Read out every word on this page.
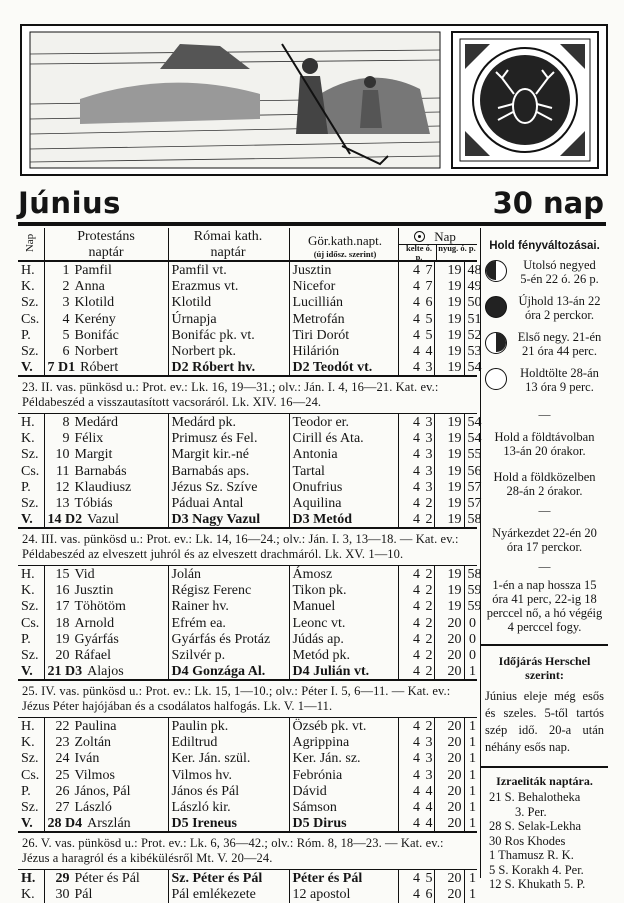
Június	30 nap
Nap	Protestáns naptár
Római kath. naptár
Gör.kath.napt.
(új idősz. szerint)
Nap
kelte ó. p.
nyug. ó. p.
H.	1 Pamfil	Pamfil vt.	Jusztin	4	7	19	48
K.	2 Anna	Erazmus vt.	Nicefor	4	7	19	49
Sz.	3 Klotild	Klotild	Lucillián	4	6	19	50
Cs.	4 Kerény	Úrnapja	Metrofán	4	5	19	51
P.	5 Bonifác	Bonifác pk. vt.	Tiri Dorót	4	5	19	52
Sz.	6 Norbert	Norbert pk.	Hilárión	4	4	19	53
V.	7 D1 Róbert	D2 Róbert hv.	D2 Teodót vt.	4	3	19	54
23. II. vas. pünkösd u.: Prot. ev.: Lk. 16, 19—31.; olv.: Ján. I. 4, 16—21. Kat. ev.: Példabeszéd a visszautasított vacsoráról. Lk. XIV. 16—24.
H.	8 Medárd	Medárd pk.	Teodor er.	4	3	19	54
K.	9 Félix	Primusz és Fel.	Cirill és Ata.	4	3	19	54
Sz.	10 Margit	Margit kir.-né	Antonia	4	3	19	55
Cs.	11 Barnabás	Barnabás aps.	Tartal	4	3	19	56
P.	12 Klaudiusz	Jézus Sz. Szíve	Onufrius	4	3	19	57
Sz.	13 Tóbiás	Páduai Antal	Aquilina	4	2	19	57
V.	14 D2 Vazul	D3 Nagy Vazul	D3 Metód	4	2	19	58
24. III. vas. pünkösd u.: Prot. ev.: Lk. 14, 16—24.; olv.: Ján. I. 3, 13—18. — Kat. ev.: Példabeszéd az elveszett juhról és az elveszett drachmáról. Lk. XV. 1—10.
H.	15 Vid	Jolán	Ámosz	4	2	19	58
K.	16 Jusztin	Régisz Ferenc	Tikon pk.	4	2	19	59
Sz.	17 Töhötöm	Rainer hv.	Manuel	4	2	19	59
Cs.	18 Arnold	Efrém ea.	Leonc vt.	4	2	20	0
P.	19 Gyárfás	Gyárfás és Protáz	Júdás ap.	4	2	20	0
Sz.	20 Ráfael	Szilvér p.	Metód pk.	4	2	20	0
V.	21 D3 Alajos	D4 Gonzága Al.	D4 Julián vt.	4	2	20	1
25. IV. vas. pünkösd u.: Prot. ev.: Lk. 15, 1—10.; olv.: Péter I. 5, 6—11. — Kat. ev.: Jézus Péter hajójában és a csodálatos halfogás. Lk. V. 1—11.
H.	22 Paulina	Paulin pk.	Özséb pk. vt.	4	2	20	1
K.	23 Zoltán	Ediltrud	Agrippina	4	3	20	1
Sz.	24 Iván	Ker. Ján. szül.	Ker. Ján. sz.	4	3	20	1
Cs.	25 Vilmos	Vilmos hv.	Febrónia	4	3	20	1
P.	26 János, Pál	János és Pál	Dávid	4	4	20	1
Sz.	27 László	László kir.	Sámson	4	4	20	1
V.	28 D4 Arszlán	D5 Ireneus	D5 Dirus	4	4	20	1
26. V. vas. pünkösd u.: Prot. ev.: Lk. 6, 36—42.; olv.: Róm. 8, 18—23. — Kat. ev.: Jézus a haragról és a kibékülésről Mt. V. 20—24.
H.	29 Péter és Pál	Sz. Péter és Pál	Péter és Pál	4	5	20	1
K.	30 Pál	Pál emlékezete	12 apostol	4	6	20	1
Hold fényváltozásai.
Utolsó negyed
5-én 22 ó. 26 p.
Újhold 13-án 22
óra 2 perckor.
Első negy. 21-én
21 óra 44 perc.
Holdtölte 28-án
13 óra 9 perc.
—
Hold a földtávolban 13-án 20 órakor.
Hold a földközelben 28-án 2 órakor.
—
Nyárkezdet 22-én 20 óra 17 perckor.
—
1-én a nap hossza 15 óra 41 perc, 22-ig 18 perccel nő, a hó végéig 4 perccel fogy.
Időjárás Herschel szerint:
Június eleje még esős és szeles. 5-től tartós szép idő. 20-a után néhány esős nap.
Izraeliták naptára.
21 S. Behalotheka
3. Per.
28 S. Selak-Lekha
30 Ros Khodes
1 Thamusz R. K.
5 S. Korakh 4. Per.
12 S. Khukath 5. P.
